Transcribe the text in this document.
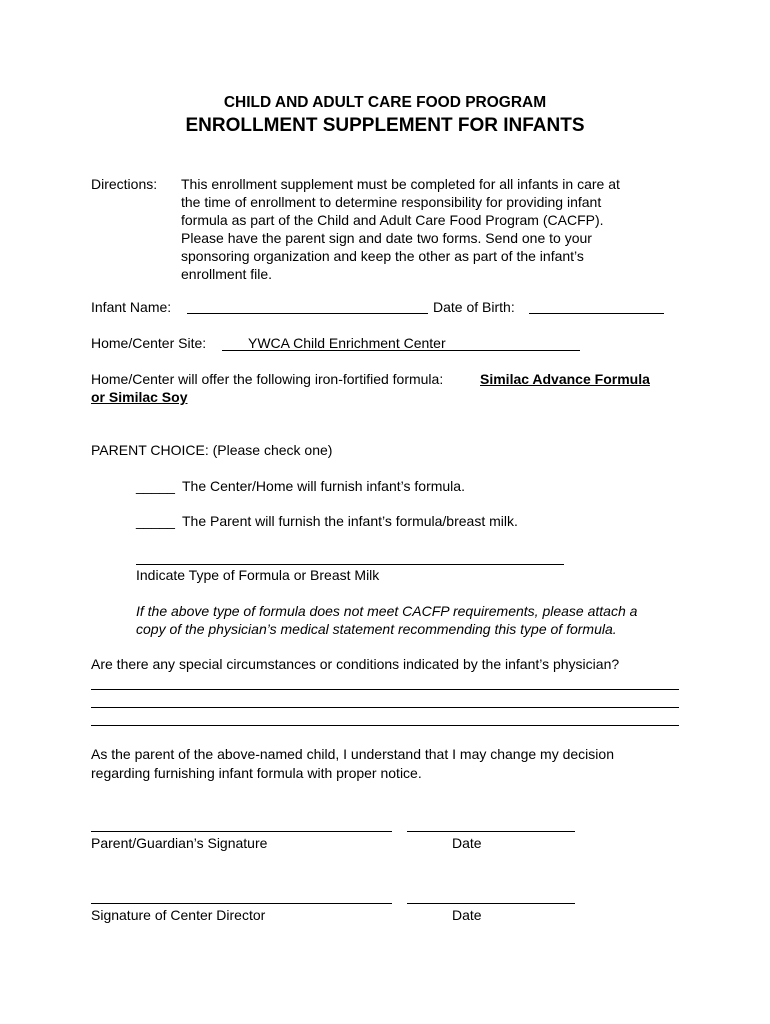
CHILD AND ADULT CARE FOOD PROGRAM
ENROLLMENT SUPPLEMENT FOR INFANTS
Directions: This enrollment supplement must be completed for all infants in care at
the time of enrollment to determine responsibility for providing infant
formula as part of the Child and Adult Care Food Program (CACFP).
Please have the parent sign and date two forms. Send one to your
sponsoring organization and keep the other as part of the infant’s
enrollment file.
Infant Name:	Date of Birth:
Home/Center Site:	YWCA Child Enrichment Center
Home/Center will offer the following iron-fortified formula:	Similac Advance Formula
or Similac Soy
PARENT CHOICE: (Please check one)
_____ The Center/Home will furnish infant’s formula.
_____ The Parent will furnish the infant’s formula/breast milk.
Indicate Type of Formula or Breast Milk
If the above type of formula does not meet CACFP requirements, please attach a
copy of the physician’s medical statement recommending this type of formula.
Are there any special circumstances or conditions indicated by the infant’s physician?
As the parent of the above-named child, I understand that I may change my decision
regarding furnishing infant formula with proper notice.
Parent/Guardian’s Signature	Date
Signature of Center Director	Date
